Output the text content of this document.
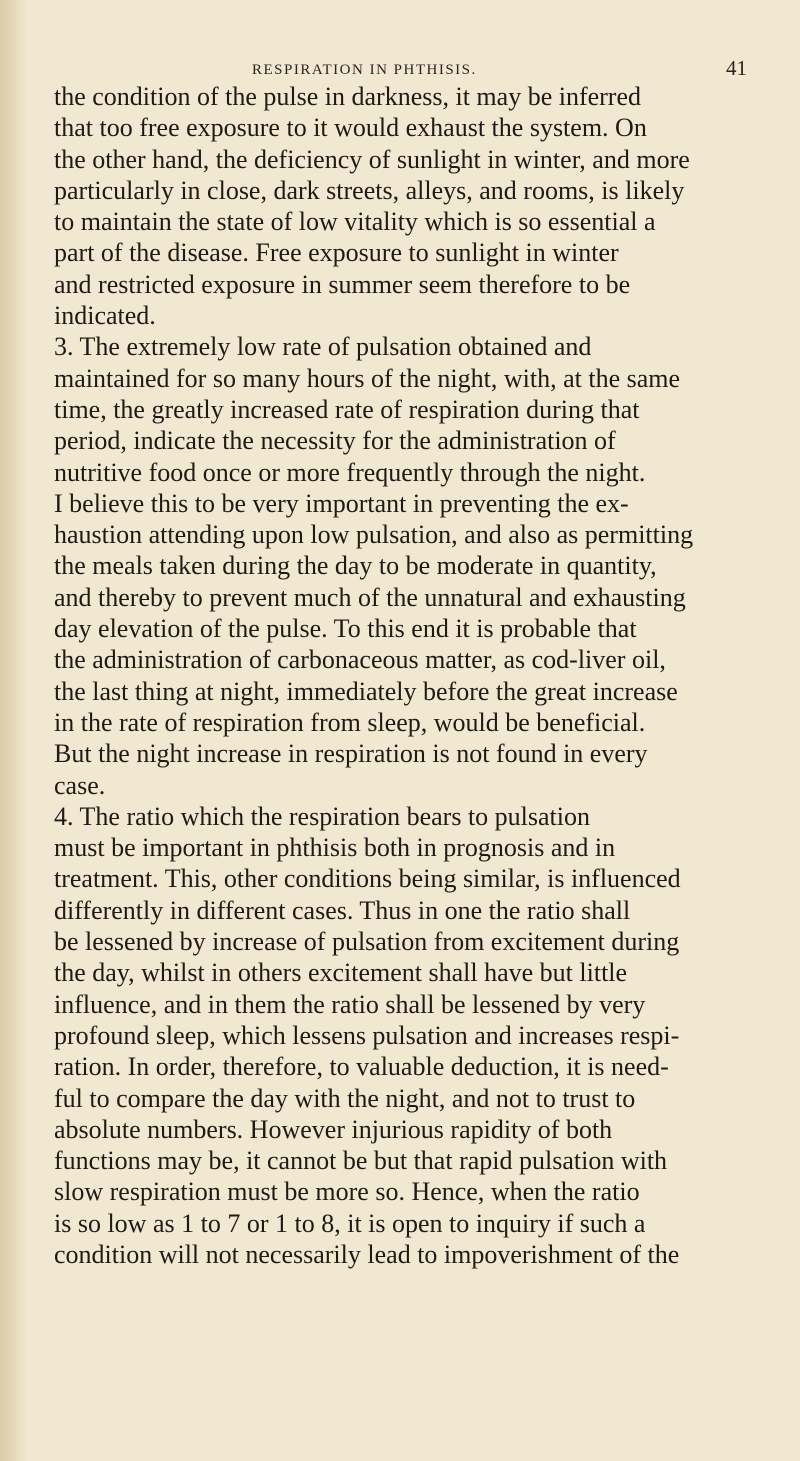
RESPIRATION IN PHTHISIS.	41
the condition of the pulse in darkness, it may be inferred
that too free exposure to it would exhaust the system. On
the other hand, the deficiency of sunlight in winter, and more
particularly in close, dark streets, alleys, and rooms, is likely
to maintain the state of low vitality which is so essential a
part of the disease. Free exposure to sunlight in winter
and restricted exposure in summer seem therefore to be
indicated.
3. The extremely low rate of pulsation obtained and
maintained for so many hours of the night, with, at the same
time, the greatly increased rate of respiration during that
period, indicate the necessity for the administration of
nutritive food once or more frequently through the night.
I believe this to be very important in preventing the ex-
haustion attending upon low pulsation, and also as permitting
the meals taken during the day to be moderate in quantity,
and thereby to prevent much of the unnatural and exhausting
day elevation of the pulse. To this end it is probable that
the administration of carbonaceous matter, as cod-liver oil,
the last thing at night, immediately before the great increase
in the rate of respiration from sleep, would be beneficial.
But the night increase in respiration is not found in every
case.
4. The ratio which the respiration bears to pulsation
must be important in phthisis both in prognosis and in
treatment. This, other conditions being similar, is influenced
differently in different cases. Thus in one the ratio shall
be lessened by increase of pulsation from excitement during
the day, whilst in others excitement shall have but little
influence, and in them the ratio shall be lessened by very
profound sleep, which lessens pulsation and increases respi-
ration. In order, therefore, to valuable deduction, it is need-
ful to compare the day with the night, and not to trust to
absolute numbers. However injurious rapidity of both
functions may be, it cannot be but that rapid pulsation with
slow respiration must be more so. Hence, when the ratio
is so low as 1 to 7 or 1 to 8, it is open to inquiry if such a
condition will not necessarily lead to impoverishment of the
